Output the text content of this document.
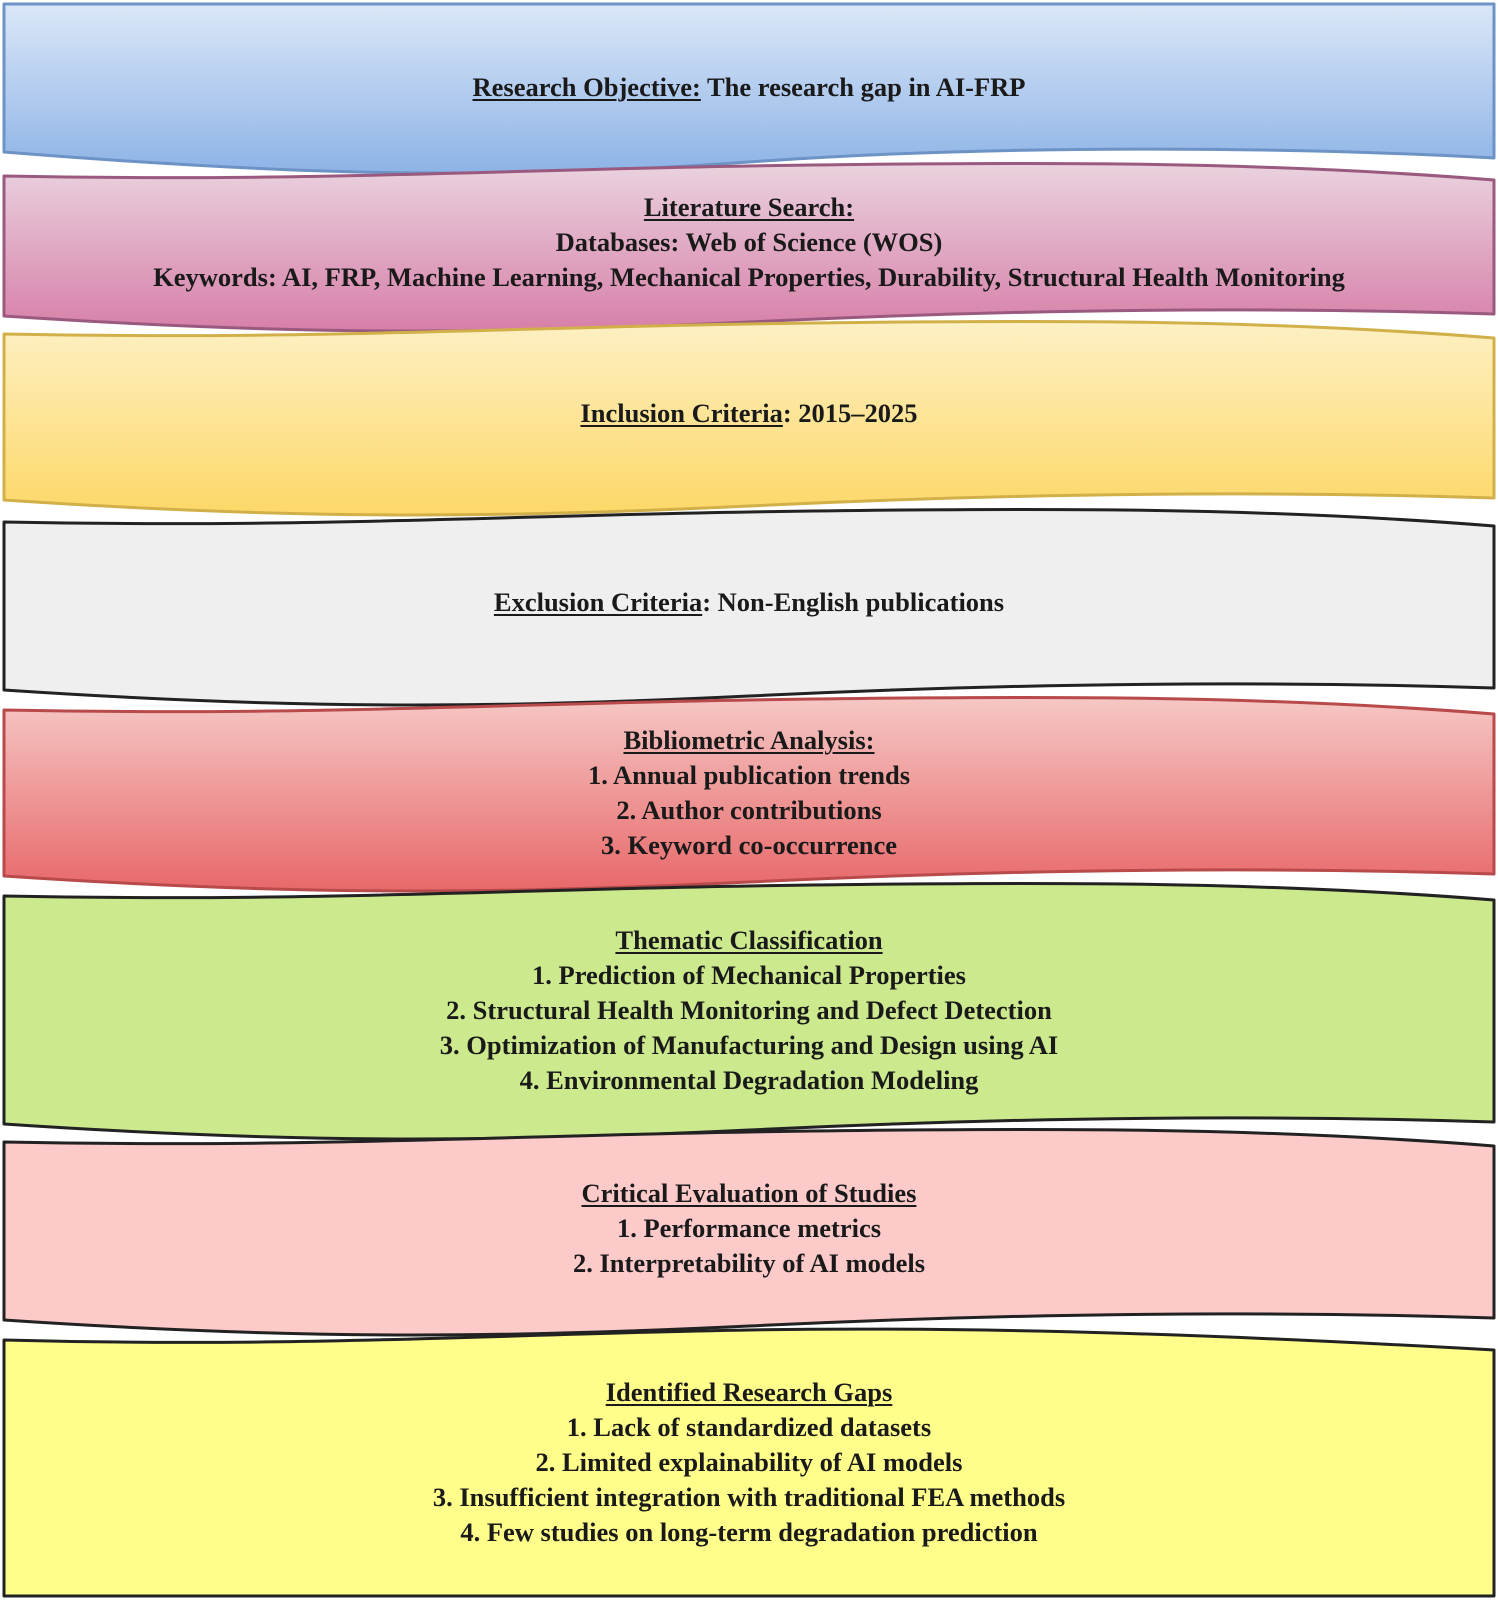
Research Objective: The research gap in AI-FRP
Literature Search:
Databases: Web of Science (WOS)
Keywords: AI, FRP, Machine Learning, Mechanical Properties, Durability, Structural Health Monitoring
Inclusion Criteria: 2015–2025
Exclusion Criteria: Non-English publications
Bibliometric Analysis:
1. Annual publication trends
2. Author contributions
3. Keyword co-occurrence
Thematic Classification
1. Prediction of Mechanical Properties
2. Structural Health Monitoring and Defect Detection
3. Optimization of Manufacturing and Design using AI
4. Environmental Degradation Modeling
Critical Evaluation of Studies
1. Performance metrics
2. Interpretability of AI models
Identified Research Gaps
1. Lack of standardized datasets
2. Limited explainability of AI models
3. Insufficient integration with traditional FEA methods
4. Few studies on long-term degradation prediction
